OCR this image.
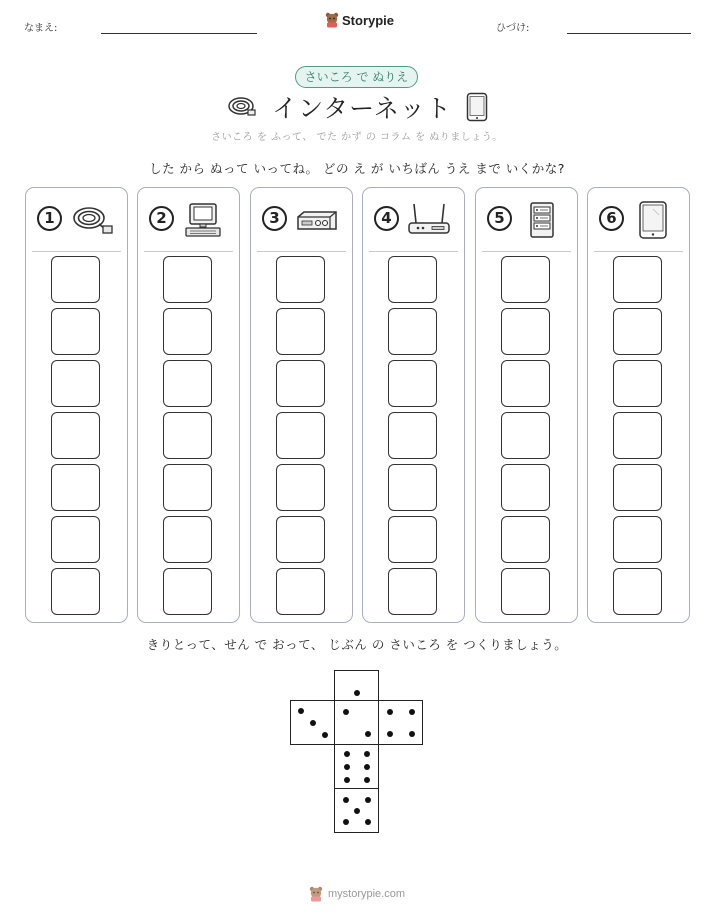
なまえ:
Storypie
ひづけ:
さいころ で ぬりえ
インターネット
さいころ を ふって、 でた かず の コラム を ぬりましょう。
した から ぬって いってね。 どの え が いちばん うえ まで いくかな?
1	2	3	4	5	6
きりとって、せん で おって、 じぶん の さいころ を つくりましょう。
mystorypie.com
